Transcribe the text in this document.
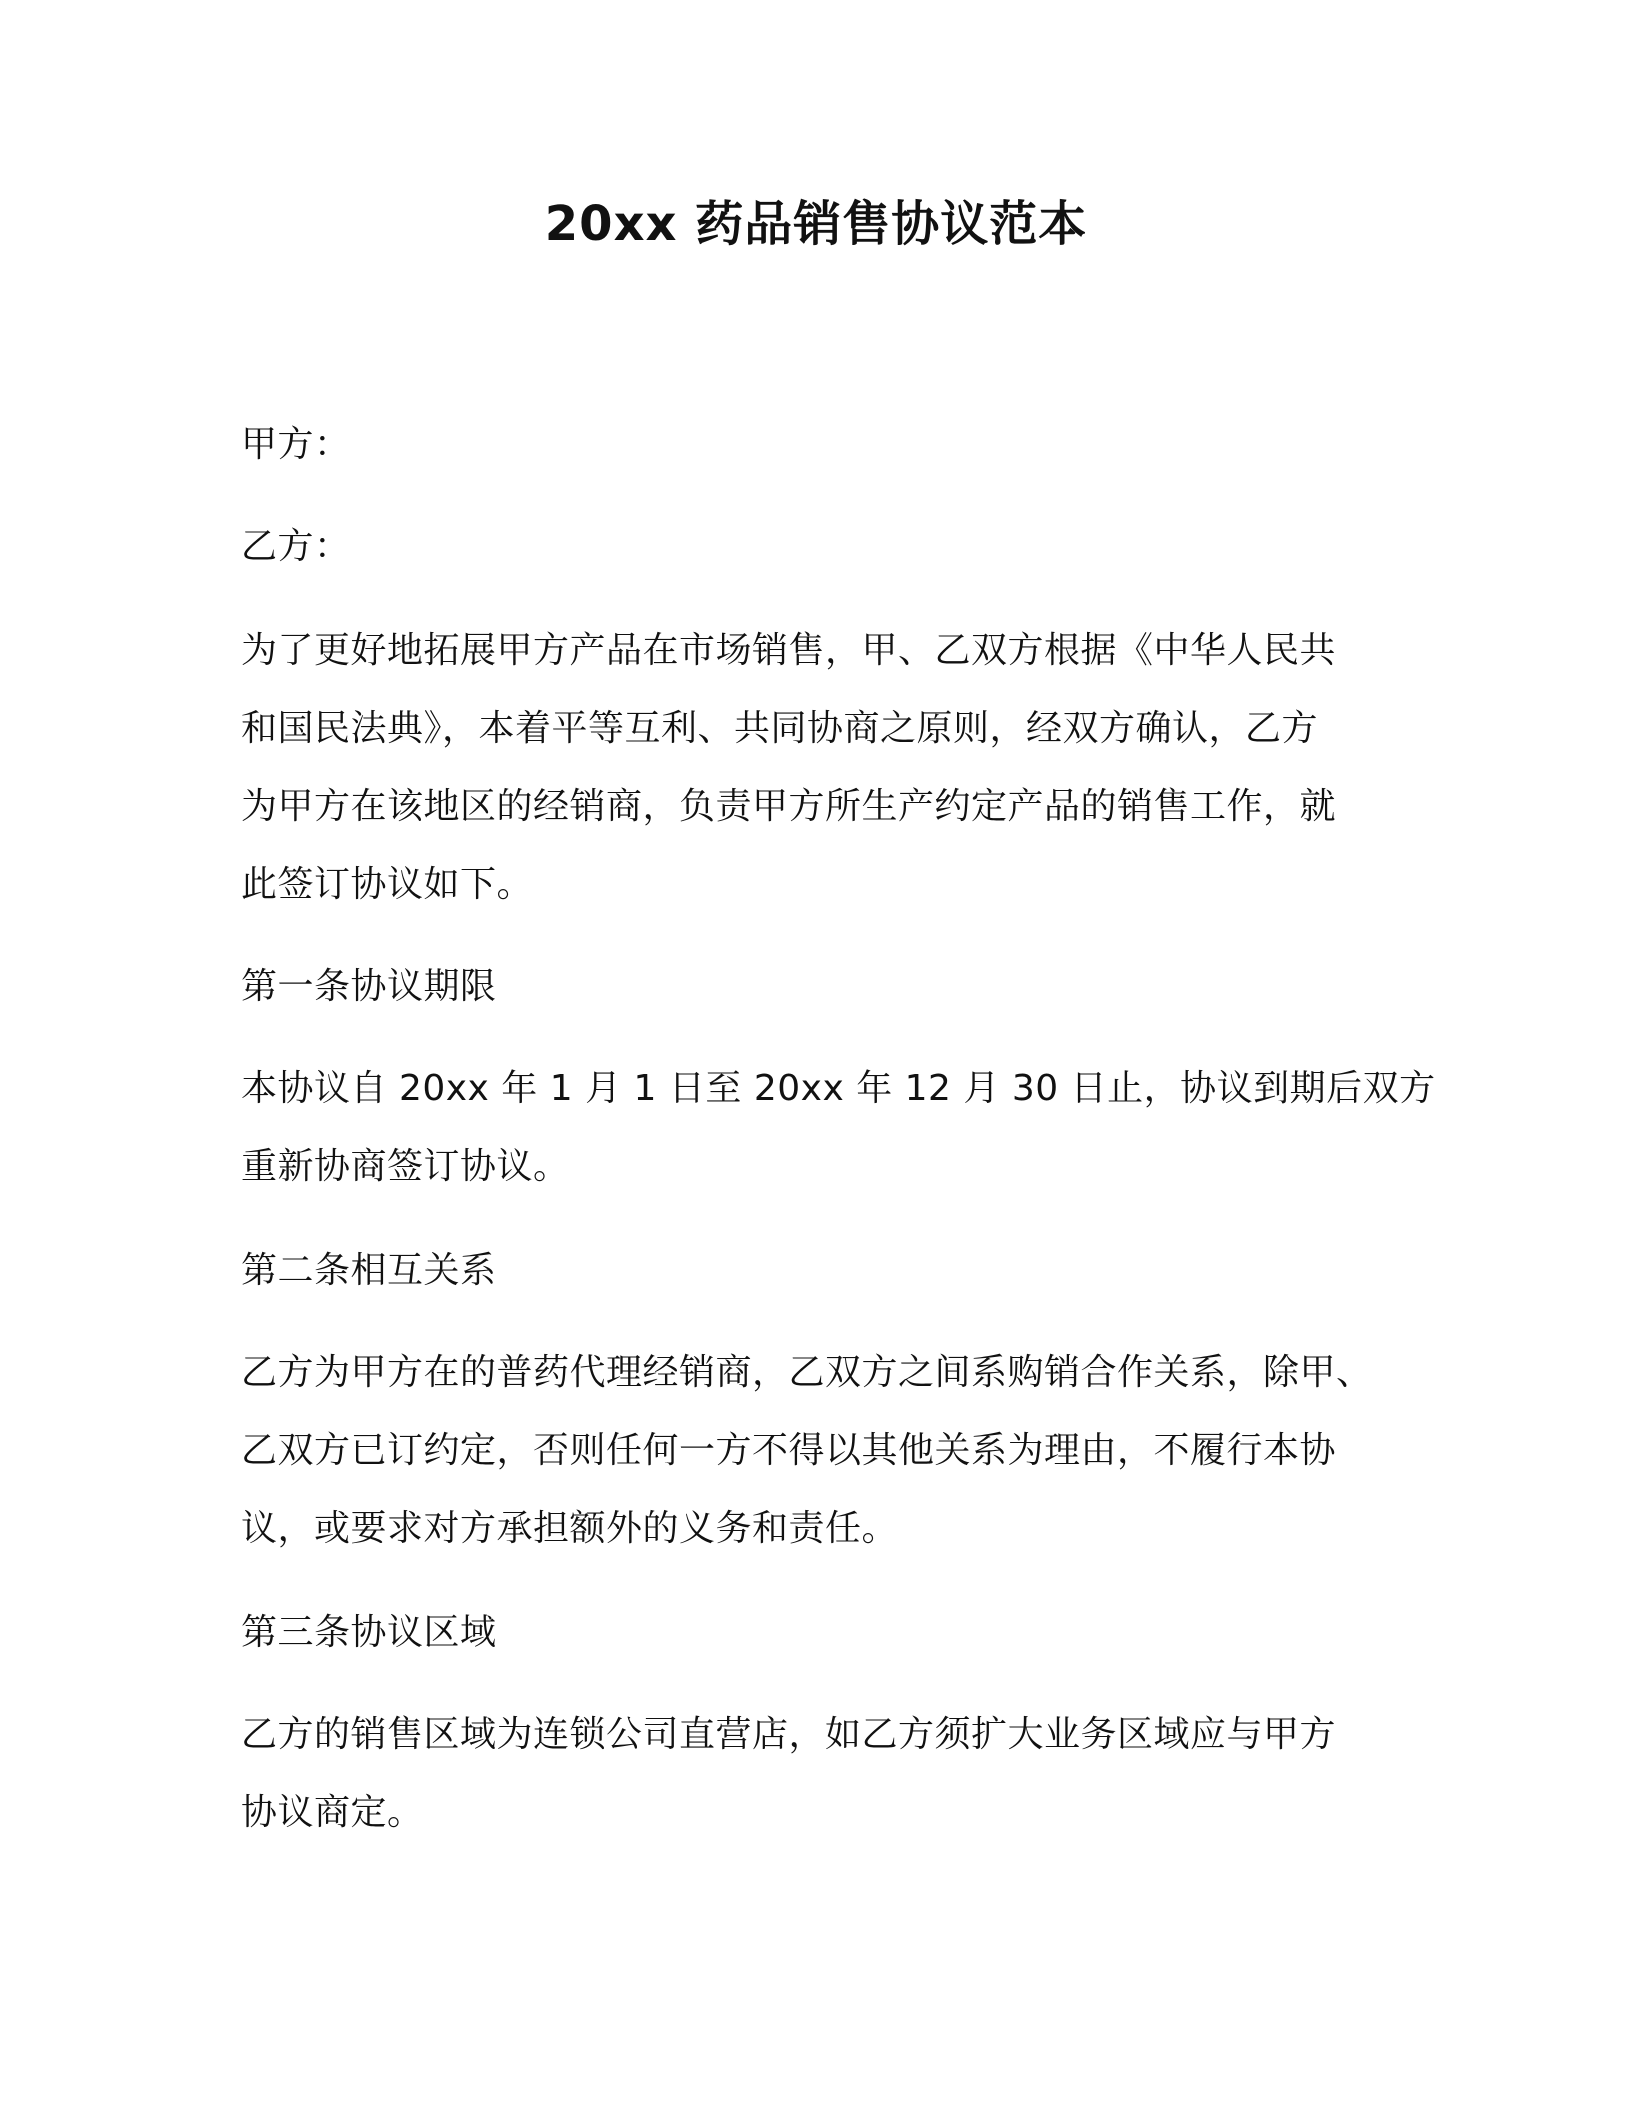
20xx 药品销售协议范本

甲方：

乙方：

为了更好地拓展甲方产品在市场销售，甲、乙双方根据《中华人民共
和国民法典》，本着平等互利、共同协商之原则，经双方确认，乙方
为甲方在该地区的经销商，负责甲方所生产约定产品的销售工作，就
此签订协议如下。

第一条协议期限

本协议自 20xx 年 1 月 1 日至 20xx 年 12 月 30 日止，协议到期后双方
重新协商签订协议。

第二条相互关系

乙方为甲方在的普药代理经销商，乙双方之间系购销合作关系，除甲、
乙双方已订约定，否则任何一方不得以其他关系为理由，不履行本协
议，或要求对方承担额外的义务和责任。

第三条协议区域

乙方的销售区域为连锁公司直营店，如乙方须扩大业务区域应与甲方
协议商定。
